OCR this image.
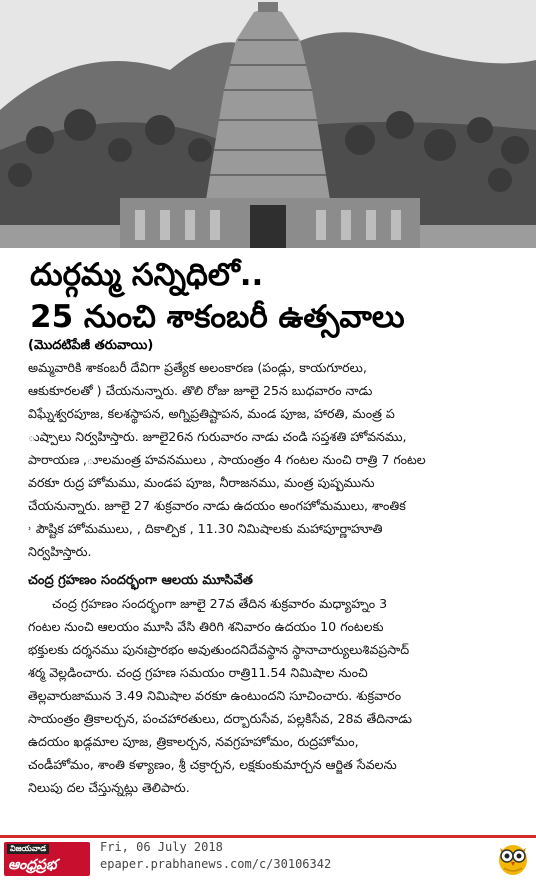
దుర్గమ్మ సన్నిధిలో..
25 నుంచి శాకంబరీ ఉత్సవాలు
(మొదటిపేజీ తరువాయి)

అమ్మవారికి శాకంబరీ దేవిగా ప్రత్యేక అలంకారణ (పండ్లు, కాయగూరలు,
ఆకుకూరలతో ) చేయనున్నారు. తొలి రోజు జూలై 25న బుధవారం నాడు
విఘ్నేశ్వరపూజ, కలశస్థాపన, అగ్నిప్రతిష్టాపన, మండ పూజ, హారతి, మంత్ర ప
ుష్పాలు నిర్వహిస్తారు. జూలై26న గురువారం నాడు చండి సప్తశతి హోవనము,
పారాయణ ,ూలమంత్ర హవనములు , సాయంత్రం 4 గంటల నుంచి రాత్రి 7 గంటల
వరకూ రుద్ర హోమము, మండప పూజ, నీరాజనము, మంత్ర పుష్పమును
చేయనున్నారు. జూలై 27 శుక్రవారం నాడు ఉదయం అంగహోమములు, శాంతిక
˒ పౌష్టిక హోమములు, , దికాల్పిక , 11.30 నిమిషాలకు మహాపూర్ణాహూతి
నిర్వహిస్తారు.

చంద్ర గ్రహణం సందర్భంగా ఆలయ మూసివేత

చంద్ర గ్రహణం సందర్భంగా జూలై 27వ తేదిన శుక్రవారం మధ్యాహ్నం 3
గంటల నుంచి ఆలయం మూసి వేసి తిరిగి శనివారం ఉదయం 10 గంటలకు
భక్తులకు దర్శనము పునఃప్రారభం అవుతుందనిదేవస్థాన స్థానాచార్యులుశివప్రసాద్
శర్మ వెల్లడించారు. చంద్ర గ్రహణ సమయం రాత్రి11.54 నిమిషాల నుంచి
తెల్లవారుజామున 3.49 నిమిషాల వరకూ ఉంటుందని సూచించారు. శుక్రవారం
సాయంత్రం త్రికాలర్చన, పంచహారతులు, దర్బారుసేవ, పల్లకిసేవ, 28వ తేదినాడు
ఉదయం ఖడ్గమాల పూజ, త్రికాలర్చన, నవగ్రహహోమం, రుద్రహోమం,
చండీహోమం, శాంతి కళ్యాణం, శ్రీ చక్రార్చన, లక్షకుంకుమార్చన ఆర్జిత సేవలను
నిలుపు దల చేస్తున్నట్లు తెలిపారు.

విజయవాడ
ఆంధ్రప్రభ
Fri, 06 July 2018
epaper.prabhanews.com/c/30106342
